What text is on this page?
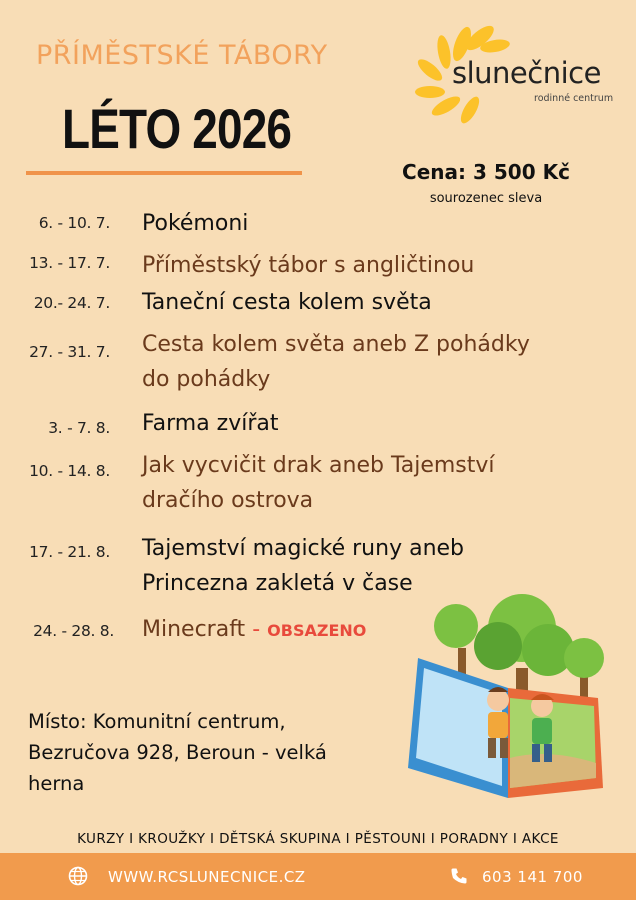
PŘÍMĚSTSKÉ TÁBORY
LÉTO 2026
slunečnice
rodinné centrum
Cena: 3 500 Kč
sourozenec sleva
6. - 10. 7. Pokémoni
13. - 17. 7. Příměstský tábor s angličtinou
20.- 24. 7. Taneční cesta kolem světa
27. - 31. 7. Cesta kolem světa aneb Z pohádky
do pohádky
3. - 7. 8. Farma zvířat
10. - 14. 8. Jak vycvičit drak aneb Tajemství
dračího ostrova
17. - 21. 8. Tajemství magické runy aneb
Princezna zakletá v čase
24. - 28. 8. Minecraft - OBSAZENO
Místo: Komunitní centrum,
Bezručova 928, Beroun - velká
herna
KURZY I KROUŽKY I DĚTSKÁ SKUPINA I PĚSTOUNI I PORADNY I AKCE
WWW.RCSLUNECNICE.CZ	603 141 700
